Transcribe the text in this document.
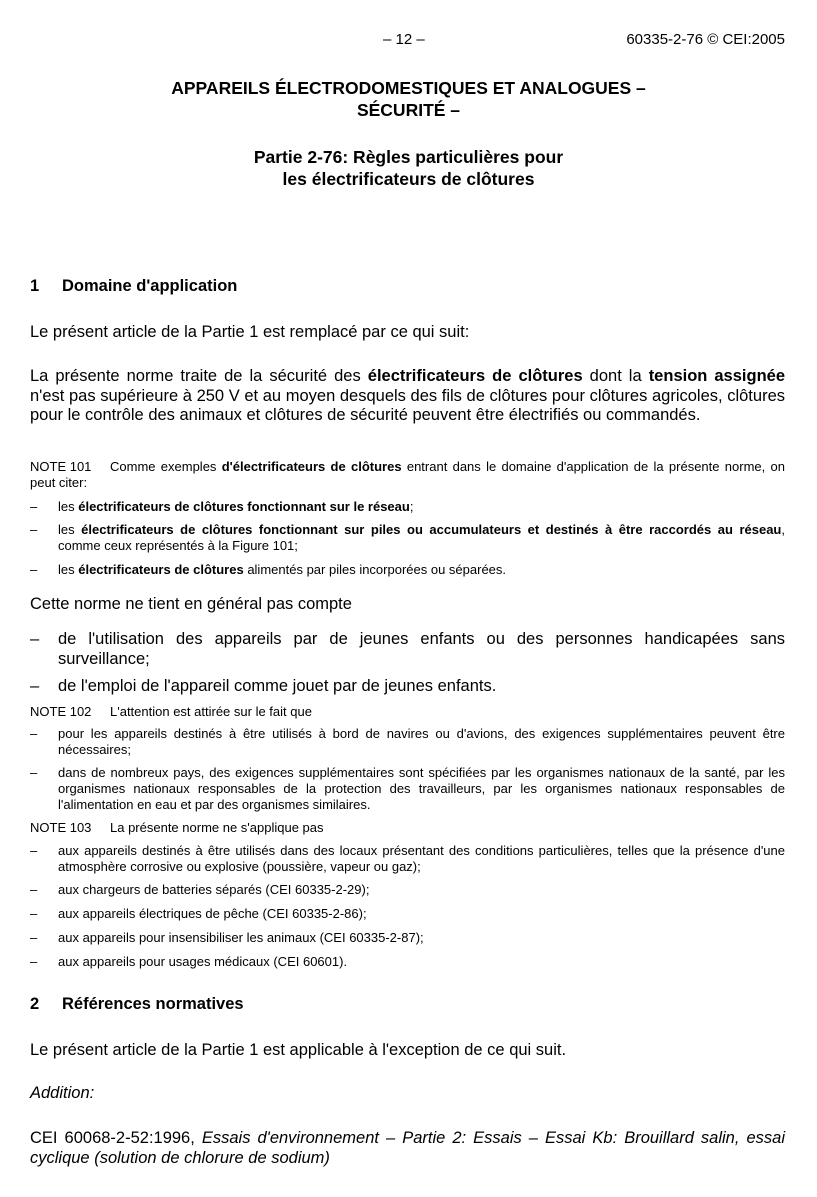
– 12 –	60335-2-76 © CEI:2005
APPAREILS ÉLECTRODOMESTIQUES ET ANALOGUES –
SÉCURITÉ –
Partie 2-76: Règles particulières pour
les électrificateurs de clôtures
1 Domaine d'application
Le présent article de la Partie 1 est remplacé par ce qui suit:
La présente norme traite de la sécurité des électrificateurs de clôtures dont la tension assignée n'est pas supérieure à 250 V et au moyen desquels des fils de clôtures pour clôtures agricoles, clôtures pour le contrôle des animaux et clôtures de sécurité peuvent être électrifiés ou commandés.
NOTE 101 Comme exemples d'électrificateurs de clôtures entrant dans le domaine d'application de la présente norme, on peut citer:
– les électrificateurs de clôtures fonctionnant sur le réseau;
– les électrificateurs de clôtures fonctionnant sur piles ou accumulateurs et destinés à être raccordés au réseau, comme ceux représentés à la Figure 101;
– les électrificateurs de clôtures alimentés par piles incorporées ou séparées.
Cette norme ne tient en général pas compte
– de l'utilisation des appareils par de jeunes enfants ou des personnes handicapées sans surveillance;
– de l'emploi de l'appareil comme jouet par de jeunes enfants.
NOTE 102 L'attention est attirée sur le fait que
– pour les appareils destinés à être utilisés à bord de navires ou d'avions, des exigences supplémentaires peuvent être nécessaires;
– dans de nombreux pays, des exigences supplémentaires sont spécifiées par les organismes nationaux de la santé, par les organismes nationaux responsables de la protection des travailleurs, par les organismes nationaux responsables de l'alimentation en eau et par des organismes similaires.
NOTE 103 La présente norme ne s'applique pas
– aux appareils destinés à être utilisés dans des locaux présentant des conditions particulières, telles que la présence d'une atmosphère corrosive ou explosive (poussière, vapeur ou gaz);
– aux chargeurs de batteries séparés (CEI 60335-2-29);
– aux appareils électriques de pêche (CEI 60335-2-86);
– aux appareils pour insensibiliser les animaux (CEI 60335-2-87);
– aux appareils pour usages médicaux (CEI 60601).
2 Références normatives
Le présent article de la Partie 1 est applicable à l'exception de ce qui suit.
Addition:
CEI 60068-2-52:1996, Essais d'environnement – Partie 2: Essais – Essai Kb: Brouillard salin, essai cyclique (solution de chlorure de sodium)
